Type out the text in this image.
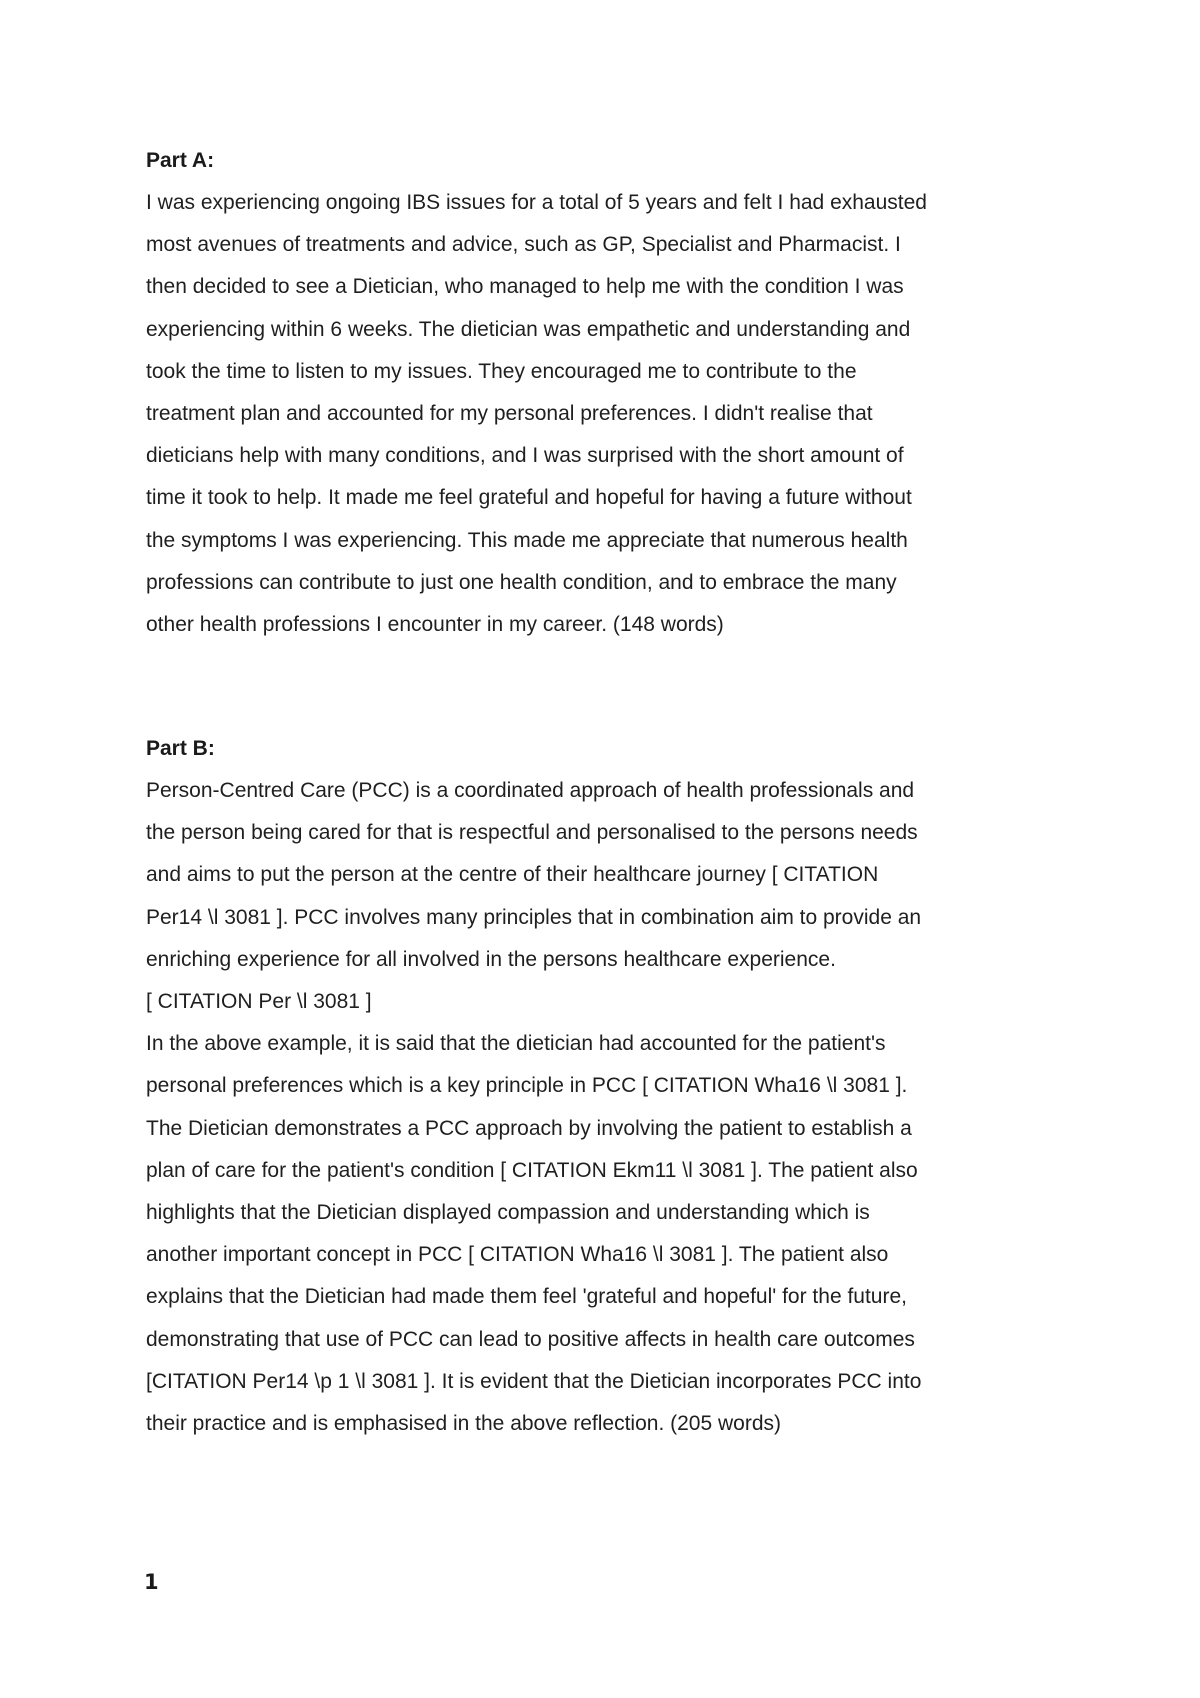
Part A:

I was experiencing ongoing IBS issues for a total of 5 years and felt I had exhausted

most avenues of treatments and advice, such as GP, Specialist and Pharmacist. I

then decided to see a Dietician, who managed to help me with the condition I was

experiencing within 6 weeks. The dietician was empathetic and understanding and

took the time to listen to my issues. They encouraged me to contribute to the

treatment plan and accounted for my personal preferences. I didn't realise that

dieticians help with many conditions, and I was surprised with the short amount of

time it took to help. It made me feel grateful and hopeful for having a future without

the symptoms I was experiencing. This made me appreciate that numerous health

professions can contribute to just one health condition, and to embrace the many

other health professions I encounter in my career. (148 words)

Part B:

Person-Centred Care (PCC) is a coordinated approach of health professionals and

the person being cared for that is respectful and personalised to the persons needs

and aims to put the person at the centre of their healthcare journey [ CITATION

Per14 \l 3081 ]. PCC involves many principles that in combination aim to provide an

enriching experience for all involved in the persons healthcare experience.

[ CITATION Per \l 3081 ]

In the above example, it is said that the dietician had accounted for the patient's

personal preferences which is a key principle in PCC [ CITATION Wha16 \l 3081 ].

The Dietician demonstrates a PCC approach by involving the patient to establish a

plan of care for the patient's condition [ CITATION Ekm11 \l 3081 ]. The patient also

highlights that the Dietician displayed compassion and understanding which is

another important concept in PCC [ CITATION Wha16 \l 3081 ]. The patient also

explains that the Dietician had made them feel 'grateful and hopeful' for the future,

demonstrating that use of PCC can lead to positive affects in health care outcomes

[CITATION Per14 \p 1 \l 3081 ]. It is evident that the Dietician incorporates PCC into

their practice and is emphasised in the above reflection. (205 words)

1
